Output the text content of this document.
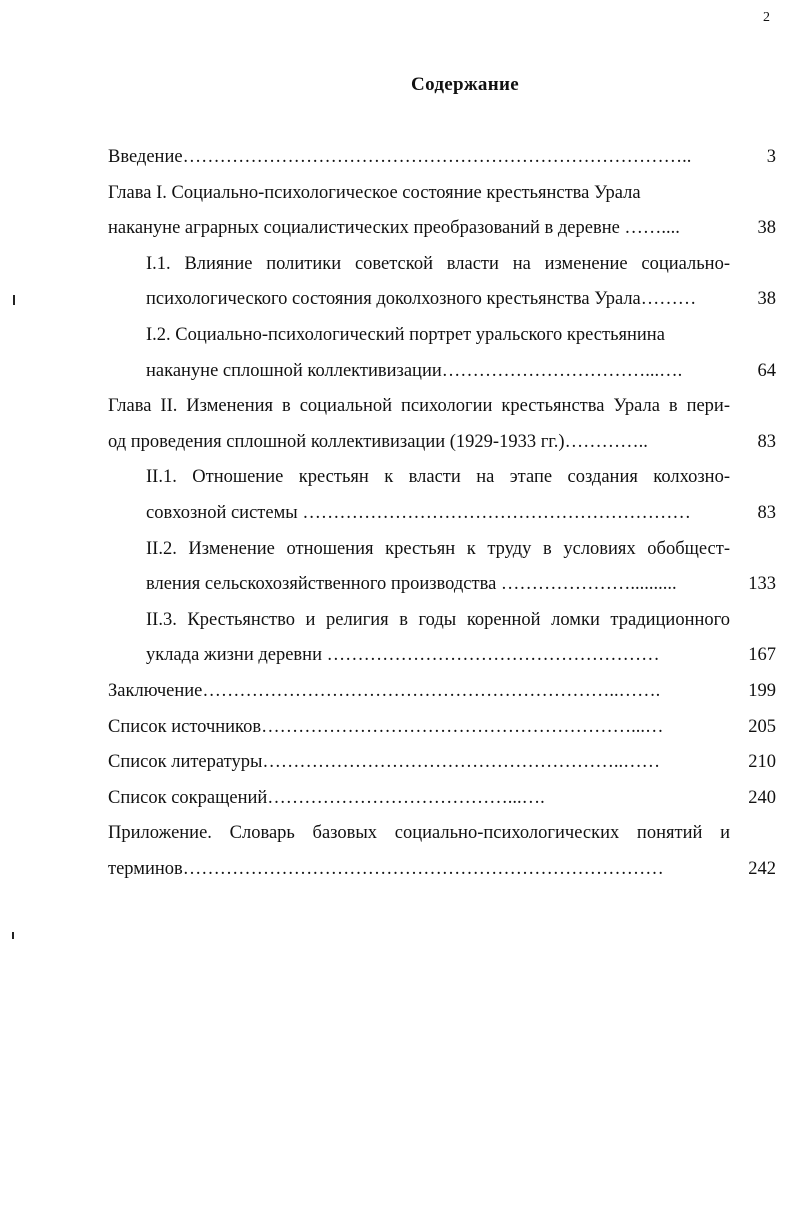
2
Содержание
Введение………………………………………………………………………..	3
Глава I. Социально-психологическое состояние крестьянства Урала
накануне аграрных социалистических преобразований в деревне ……....	38
I.1. Влияние политики советской власти на изменение социально-
психологического состояния доколхозного крестьянства Урала………	38
I.2. Социально-психологический портрет уральского крестьянина
накануне сплошной коллективизации……………………………...….	64
Глава II. Изменения в социальной психологии крестьянства Урала в пери-
од проведения сплошной коллективизации (1929-1933 гг.)…………..	83
II.1. Отношение крестьян к власти на этапе создания колхозно-
совхозной системы ………………………………………………………	83
II.2. Изменение отношения крестьян к труду в условиях обобщест-
вления сельскохозяйственного производства …………………..........	133
II.3. Крестьянство и религия в годы коренной ломки традиционного
уклада жизни деревни ………………………………………………	167
Заключение…………………………………………………………..…….	199
Список источников……………………………………………………...…	205
Список литературы…………………………………………………..……	210
Список сокращений…………………………………...….	240
Приложение. Словарь базовых социально-психологических понятий и
терминов……………………………………………………………………	242
